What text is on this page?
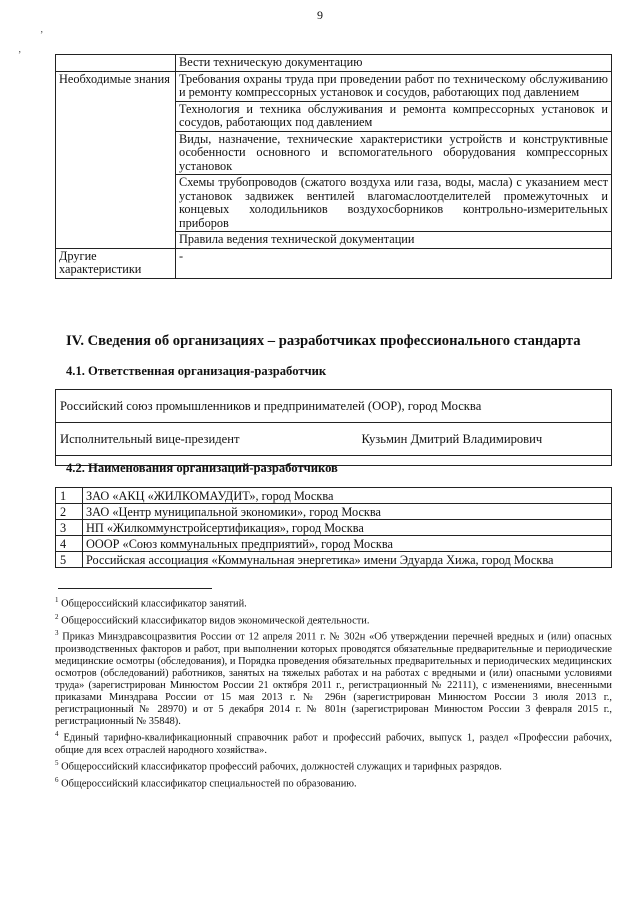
9
’
’
		Вести техническую документацию
Необходимые знания	Требования охраны труда при проведении работ по техническому обслуживанию и ремонту компрессорных установок и сосудов, работающих под давлением
	Технология и техника обслуживания и ремонта компрессорных установок и сосудов, работающих под давлением
	Виды, назначение, технические характеристики устройств и конструктивные особенности основного и вспомогательного оборудования компрессорных установок
	Схемы трубопроводов (сжатого воздуха или газа, воды, масла) с указанием мест установок задвижек вентилей влагомаслоотделителей промежуточных и концевых холодильников воздухосборников контрольно-измерительных приборов
	Правила ведения технической документации
Другие характеристики	-
IV. Сведения об организациях – разработчиках профессионального стандарта
4.1. Ответственная организация-разработчик
Российский союз промышленников и предпринимателей (ООР), город Москва
Исполнительный вице-президент	Кузьмин Дмитрий Владимирович

4.2. Наименования организаций-разработчиков
1	ЗАО «АКЦ «ЖИЛКОМАУДИТ», город Москва
2	ЗАО «Центр муниципальной экономики», город Москва
3	НП «Жилкоммунстройсертификация», город Москва
4	ОООР «Союз коммунальных предприятий», город Москва
5	Российская ассоциация «Коммунальная энергетика» имени Эдуарда Хижа, город Москва

$^1$ Общероссийский классификатор занятий.

$^2$ Общероссийский классификатор видов экономической деятельности.

$^3$ Приказ Минздравсоцразвития России от 12 апреля 2011 г. № 302н «Об утверждении перечней вредных и (или) опасных производственных факторов и работ, при выполнении которых проводятся обязательные предварительные и периодические медицинские осмотры (обследования), и Порядка проведения обязательных предварительных и периодических медицинских осмотров (обследований) работников, занятых на тяжелых работах и на работах с вредными и (или) опасными условиями труда» (зарегистрирован Минюстом России 21 октября 2011 г., регистрационный № 22111), с изменениями, внесенными приказами Минздрава России от 15 мая 2013 г. № 296н (зарегистрирован Минюстом России 3 июля 2013 г., регистрационный № 28970) и от 5 декабря 2014 г. № 801н (зарегистрирован Минюстом России 3 февраля 2015 г., регистрационный № 35848).

$^4$ Единый тарифно-квалификационный справочник работ и профессий рабочих, выпуск 1, раздел «Профессии рабочих, общие для всех отраслей народного хозяйства».

$^5$ Общероссийский классификатор профессий рабочих, должностей служащих и тарифных разрядов.

$^6$ Общероссийский классификатор специальностей по образованию.
